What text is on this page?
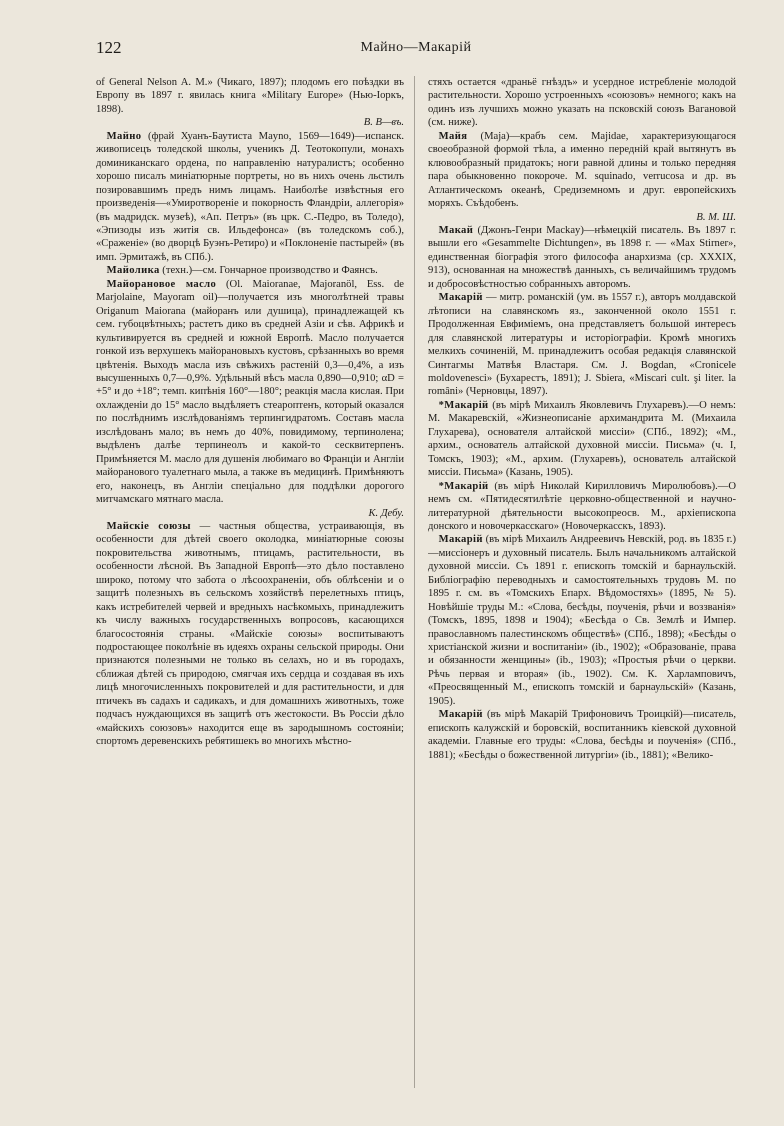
122	Майно—Макарій

of General Nelson A. M.» (Чикаго, 1897); плодомъ его поѣздки въ Европу въ 1897 г. явилась книга «Military Europe» (Нью-Іоркъ, 1898).
В. В—въ.

 Майно (фрай Хуанъ-Баутиста Mayno, 1569—1649)—испанск. живописецъ толедской школы, ученикъ Д. Теотокопули, монахъ доминиканскаго ордена, по направленію натуралистъ; особенно хорошо писалъ миніатюрные портреты, но въ нихъ очень льстилъ позировавшимъ предъ нимъ лицамъ. Наиболѣе извѣстныя его произведенія—«Умиротвореніе и покорность Фландріи, аллегорія» (въ мадридск. музеѣ), «Ап. Петръ» (въ црк. С.-Педро, въ Толедо), «Эпизоды изъ житія св. Ильдефонса» (въ толедскомъ соб.), «Сраженіе» (во дворцѣ Буэнъ-Ретиро) и «Поклоненіе пастырей» (въ имп. Эрмитажѣ, въ СПб.).

 Майолика (техн.)—см. Гончарное производство и Фаянсъ.

 Майорановое масло (Ol. Maioranae, Majoranöl, Ess. de Marjolaine, Mayoram oil)—получается изъ многолѣтней травы Origanum Maiorana (майоранъ или душица), принадлежащей къ сем. губоцвѣтныхъ; растетъ дико въ средней Азіи и сѣв. Африкѣ и культивируется въ средней и южной Европѣ. Масло получается гонкой изъ верхушекъ майорановыхъ кустовъ, срѣзанныхъ во время цвѣтенія. Выходъ масла изъ свѣжихъ растеній 0,3—0,4%, а изъ высушенныхъ 0,7—0,9%. Удѣльный вѣсъ масла 0,890—0,910; αD = +5° и до +18°; темп. кипѣнія 160°—180°; реакція масла кислая. При охлажденіи до 15° масло выдѣляетъ стеароптенъ, который оказался по послѣднимъ изслѣдованіямъ терпингидратомъ. Составъ масла изслѣдованъ мало; въ немъ до 40%, повидимому, терпинолена; выдѣленъ далѣе терпинеолъ и какой-то сесквитерпенъ. Примѣняется М. масло для душенія любимаго во Франціи и Англіи майоранового туалетнаго мыла, а также въ медицинѣ. Примѣняютъ его, наконецъ, въ Англіи спеціально для поддѣлки дорогого митчамскаго мятнаго масла.
К. Дебу.

 Майскіе союзы — частныя общества, устраивающія, въ особенности для дѣтей своего околодка, миніатюрные союзы покровительства животнымъ, птицамъ, растительности, въ особенности лѣсной. Въ Западной Европѣ—это дѣло поставлено широко, потому что забота о лѣсоохраненіи, объ облѣсеніи и о защитѣ полезныхъ въ сельскомъ хозяйствѣ перелетныхъ птицъ, какъ истребителей червей и вредныхъ насѣкомыхъ, принадлежитъ къ числу важныхъ государственныхъ вопросовъ, касающихся благосостоянія страны. «Майскіе союзы» воспитываютъ подростающее поколѣніе въ идеяхъ охраны сельской природы. Они признаются полезными не только въ селахъ, но и въ городахъ, сближая дѣтей съ природою, смягчая ихъ сердца и создавая въ ихъ лицѣ многочисленныхъ покровителей и для растительности, и для птичекъ въ садахъ и садикахъ, и для домашнихъ животныхъ, тоже подчасъ нуждающихся въ защитѣ отъ жестокости. Въ Россіи дѣло «майскихъ союзовъ» находится еще въ зародышномъ состояніи; спортомъ деревенскихъ ребятишекъ во многихъ мѣстно-

стяхъ остается «драньё гнѣздъ» и усердное истребленіе молодой растительности. Хорошо устроенныхъ «союзовъ» немного; какъ на одинъ изъ лучшихъ можно указать на псковскій союзъ Вагановой (см. ниже).

 Майя (Maja)—крабъ сем. Majidae, характеризующагося своеобразной формой тѣла, а именно передній край вытянутъ въ клювообразный придатокъ; ноги равной длины и только передняя пара обыкновенно покороче. M. squinado, verrucosa и др. въ Атлантическомъ океанѣ, Средиземномъ и друг. европейскихъ моряхъ. Съѣдобенъ.
В. М. Ш.

 Макай (Джонъ-Генри Mackay)—нѣмецкій писатель. Въ 1897 г. вышли его «Gesammelte Dichtungen», въ 1898 г. — «Max Stirner», единственная біографія этого философа анархизма (ср. XXXIX, 913), основанная на множествѣ данныхъ, съ величайшимъ трудомъ и добросовѣстностью собранныхъ авторомъ.

 Макарій — митр. романскій (ум. въ 1557 г.), авторъ молдавской лѣтописи на славянскомъ яз., законченной около 1551 г. Продолженная Евфиміемъ, она представляетъ большой интересъ для славянской литературы и исторіографіи. Кромѣ многихъ мелкихъ сочиненій, М. принадлежитъ особая редакція славянской Синтагмы Матвѣя Властаря. См. J. Bogdan, «Cronicele moldovenesci» (Бухарестъ, 1891); J. Sbiera, «Miscari cult. şi liter. la români» (Черновцы, 1897).

 *Макарій (въ мірѣ Михаилъ Яковлевичъ Глухаревъ).—О немъ: М. Макаревскій, «Жизнеописаніе архимандрита М. (Михаила Глухарева), основателя алтайской миссіи» (СПб., 1892); «М., архим., основатель алтайской духовной миссіи. Письма» (ч. I, Томскъ, 1903); «М., архим. (Глухаревъ), основатель алтайской миссіи. Письма» (Казань, 1905).

 *Макарій (въ мірѣ Николай Кирилловичъ Миролюбовъ).—О немъ см. «Пятидесятилѣтіе церковно-общественной и научно-литературной дѣятельности высокопреосв. М., архіепископа донского и новочеркасскаго» (Новочеркасскъ, 1893).

 Макарій (въ мірѣ Михаилъ Андреевичъ Невскій, род. въ 1835 г.)—миссіонеръ и духовный писатель. Былъ начальникомъ алтайской духовной миссіи. Съ 1891 г. епископъ томскій и барнаульскій. Библіографію переводныхъ и самостоятельныхъ трудовъ М. по 1895 г. см. въ «Томскихъ Епарх. Вѣдомостяхъ» (1895, № 5). Новѣйшіе труды М.: «Слова, бесѣды, поученія, рѣчи и воззванія» (Томскъ, 1895, 1898 и 1904); «Бесѣда о Св. Землѣ и Импер. православномъ палестинскомъ обществѣ» (СПб., 1898); «Бесѣды о христіанской жизни и воспитаніи» (ib., 1902); «Образованіе, права и обязанности женщины» (ib., 1903); «Простыя рѣчи о церкви. Рѣчь первая и вторая» (ib., 1902). См. К. Харламповичъ, «Преосвященный М., епископъ томскій и барнаульскій» (Казань, 1905).

 Макарій (въ мірѣ Макарій Трифоновичъ Троицкій)—писатель, епископъ калужскій и боровскій, воспитанникъ кіевской духовной академіи. Главные его труды: «Слова, бесѣды и поученія» (СПб., 1881); «Бесѣды о божественной литургіи» (ib., 1881); «Велико-
